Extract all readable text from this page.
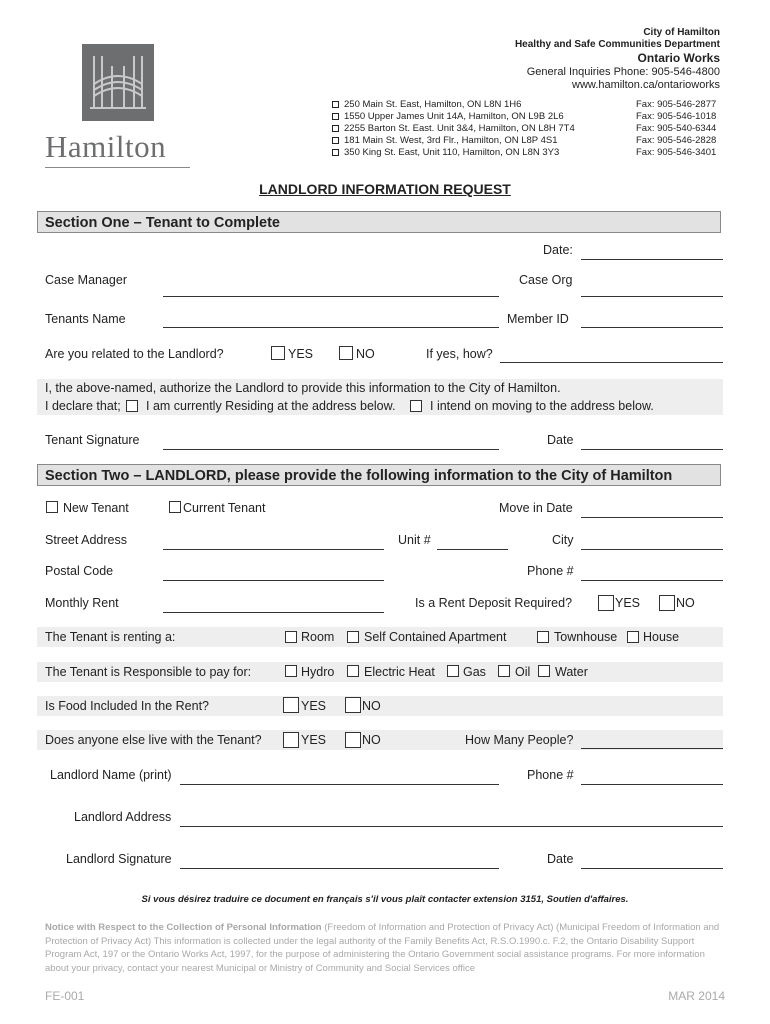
Hamilton
City of Hamilton
Healthy and Safe Communities Department
Ontario Works
General Inquiries Phone: 905-546-4800
www.hamilton.ca/ontarioworks
250 Main St. East, Hamilton, ON L8N 1H6	Fax: 905-546-2877
1550 Upper James Unit 14A, Hamilton, ON L9B 2L6	Fax: 905-546-1018
2255 Barton St. East. Unit 3&4, Hamilton, ON L8H 7T4	Fax: 905-540-6344
181 Main St. West, 3rd Flr., Hamilton, ON L8P 4S1	Fax: 905-546-2828
350 King St. East, Unit 110, Hamilton, ON L8N 3Y3	Fax: 905-546-3401
LANDLORD INFORMATION REQUEST
Section One – Tenant to Complete
Date:
Case Manager	Case Org
Tenants Name	Member ID
Are you related to the Landlord?	YES	NO	If yes, how?
I, the above-named, authorize the Landlord to provide this information to the City of Hamilton.
I declare that; I am currently Residing at the address below.	I intend on moving to the address below.
Tenant Signature	Date
Section Two – LANDLORD, please provide the following information to the City of Hamilton
New Tenant	Current Tenant	Move in Date
Street Address	Unit #	City
Postal Code	Phone #
Monthly Rent	Is a Rent Deposit Required?	YES	NO
The Tenant is renting a:	Room Self Contained Apartment	Townhouse House
The Tenant is Responsible to pay for:	Hydro Electric Heat Gas Oil Water
Is Food Included In the Rent?	YES	NO
Does anyone else live with the Tenant?	YES	NO	How Many People?
Landlord Name (print)	Phone #
Landlord Address
Landlord Signature	Date
Si vous désirez traduire ce document en français s'il vous plaît contacter extension 3151, Soutien d'affaires.
Notice with Respect to the Collection of Personal Information (Freedom of Information and Protection of Privacy Act) (Municipal Freedom of Information and Protection of Privacy Act) This information is collected under the legal authority of the Family Benefits Act, R.S.O.1990.c. F.2, the Ontario Disability Support Program Act, 197 or the Ontario Works Act, 1997, for the purpose of administering the Ontario Government social assistance programs. For more information about your privacy, contact your nearest Municipal or Ministry of Community and Social Services office
FE-001	MAR 2014
